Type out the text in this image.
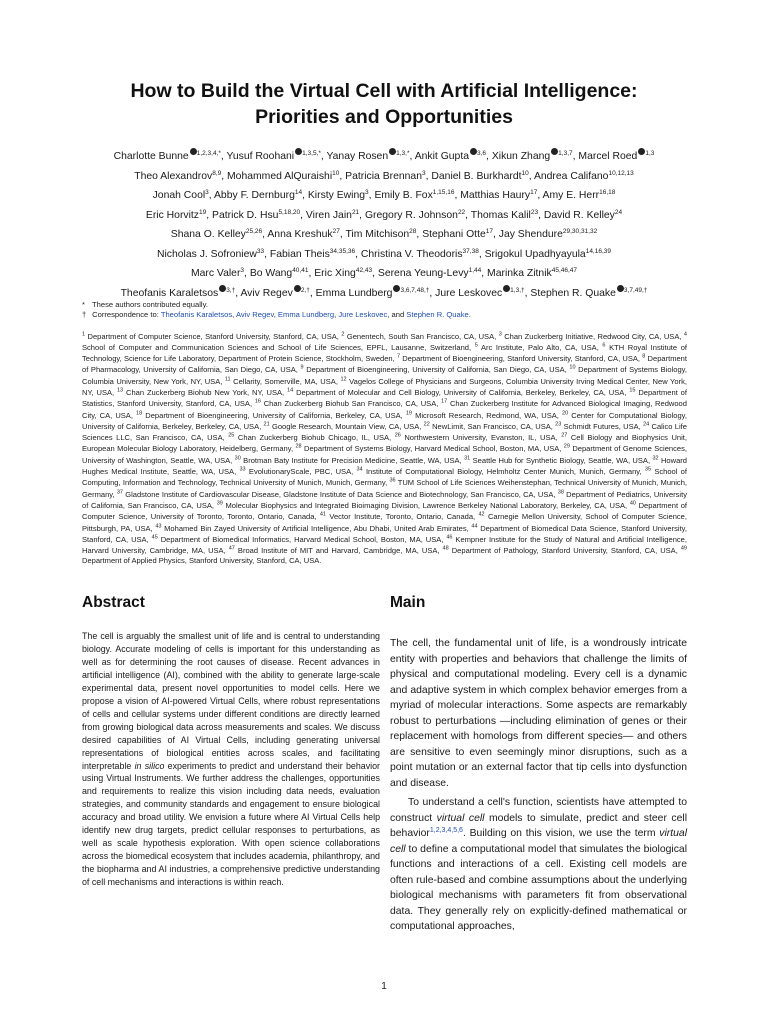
How to Build the Virtual Cell with Artificial Intelligence:
Priorities and Opportunities
Charlotte Bunne $^{1,2,3,4,*}$, Yusuf Roohani $^{1,3,5,*}$, Yanay Rosen $^{1,3,*}$, Ankit Gupta $^{3,6}$, Xikun Zhang $^{1,3,7}$, Marcel Roed $^{1,3}$
Theo Alexandrov$^{8,9}$, Mohammed AlQuraishi$^{10}$, Patricia Brennan$^3$, Daniel B. Burkhardt$^{10}$, Andrea Califano$^{10,12,13}$
Jonah Cool$^3$, Abby F. Dernburg$^{14}$, Kirsty Ewing$^3$, Emily B. Fox$^{1,15,16}$, Matthias Haury$^{17}$, Amy E. Herr$^{16,18}$
Eric Horvitz$^{19}$, Patrick D. Hsu$^{5,18,20}$, Viren Jain$^{21}$, Gregory R. Johnson$^{22}$, Thomas Kalil$^{23}$, David R. Kelley$^{24}$
Shana O. Kelley$^{25,26}$, Anna Kreshuk$^{27}$, Tim Mitchison$^{28}$, Stephani Otte$^{17}$, Jay Shendure$^{29,30,31,32}$
Nicholas J. Sofroniew$^{33}$, Fabian Theis$^{34,35,36}$, Christina V. Theodoris$^{37,38}$, Srigokul Upadhyayula$^{14,16,39}$
Marc Valer$^3$, Bo Wang$^{40,41}$, Eric Xing$^{42,43}$, Serena Yeung-Levy$^{1,44}$, Marinka Zitnik$^{45,46,47}$
Theofanis Karaletsos $^{3,\dagger}$, Aviv Regev $^{2,\dagger}$, Emma Lundberg $^{3,6,7,48,\dagger}$, Jure Leskovec $^{1,3,\dagger}$, Stephen R. Quake $^{3,7,49,\dagger}$
* These authors contributed equally.
† Correspondence to: Theofanis Karaletsos, Aviv Regev, Emma Lundberg, Jure Leskovec, and Stephen R. Quake.
$^1$ Department of Computer Science, Stanford University, Stanford, CA, USA, $^2$ Genentech, South San Francisco, CA, USA, $^3$ Chan Zuckerberg Initiative, Redwood City, CA, USA, $^4$ School of Computer and Communication Sciences and School of Life Sciences, EPFL, Lausanne, Switzerland, $^5$ Arc Institute, Palo Alto, CA, USA, $^6$ KTH Royal Institute of Technology, Science for Life Laboratory, Department of Protein Science, Stockholm, Sweden, $^7$ Department of Bioengineering, Stanford University, Stanford, CA, USA, $^8$ Department of Pharmacology, University of California, San Diego, CA, USA, $^9$ Department of Bioengineering, University of California, San Diego, CA, USA, $^{10}$ Department of Systems Biology, Columbia University, New York, NY, USA, $^{11}$ Cellarity, Somerville, MA, USA, $^{12}$ Vagelos College of Physicians and Surgeons, Columbia University Irving Medical Center, New York, NY, USA, $^{13}$ Chan Zuckerberg Biohub New York, NY, USA, $^{14}$ Department of Molecular and Cell Biology, University of California, Berkeley, Berkeley, CA, USA, $^{15}$ Department of Statistics, Stanford University, Stanford, CA, USA, $^{16}$ Chan Zuckerberg Biohub San Francisco, CA, USA, $^{17}$ Chan Zuckerberg Institute for Advanced Biological Imaging, Redwood City, CA, USA, $^{18}$ Department of Bioengineering, University of California, Berkeley, CA, USA, $^{19}$ Microsoft Research, Redmond, WA, USA, $^{20}$ Center for Computational Biology, University of California, Berkeley, Berkeley, CA, USA, $^{21}$ Google Research, Mountain View, CA, USA, $^{22}$ NewLimit, San Francisco, CA, USA, $^{23}$ Schmidt Futures, USA, $^{24}$ Calico Life Sciences LLC, San Francisco, CA, USA, $^{25}$ Chan Zuckerberg Biohub Chicago, IL, USA, $^{26}$ Northwestern University, Evanston, IL, USA, $^{27}$ Cell Biology and Biophysics Unit, European Molecular Biology Laboratory, Heidelberg, Germany, $^{28}$ Department of Systems Biology, Harvard Medical School, Boston, MA, USA, $^{29}$ Department of Genome Sciences, University of Washington, Seattle, WA, USA, $^{30}$ Brotman Baty Institute for Precision Medicine, Seattle, WA, USA, $^{31}$ Seattle Hub for Synthetic Biology, Seattle, WA, USA, $^{32}$ Howard Hughes Medical Institute, Seattle, WA, USA, $^{33}$ EvolutionaryScale, PBC, USA, $^{34}$ Institute of Computational Biology, Helmholtz Center Munich, Munich, Germany, $^{35}$ School of Computing, Information and Technology, Technical University of Munich, Munich, Germany, $^{36}$ TUM School of Life Sciences Weihenstephan, Technical University of Munich, Munich, Germany, $^{37}$ Gladstone Institute of Cardiovascular Disease, Gladstone Institute of Data Science and Biotechnology, San Francisco, CA, USA, $^{38}$ Department of Pediatrics, University of California, San Francisco, CA, USA, $^{39}$ Molecular Biophysics and Integrated Bioimaging Division, Lawrence Berkeley National Laboratory, Berkeley, CA, USA, $^{40}$ Department of Computer Science, University of Toronto, Toronto, Ontario, Canada, $^{41}$ Vector Institute, Toronto, Ontario, Canada, $^{42}$ Carnegie Mellon University, School of Computer Science, Pittsburgh, PA, USA, $^{43}$ Mohamed Bin Zayed University of Artificial Intelligence, Abu Dhabi, United Arab Emirates, $^{44}$ Department of Biomedical Data Science, Stanford University, Stanford, CA, USA, $^{45}$ Department of Biomedical Informatics, Harvard Medical School, Boston, MA, USA, $^{46}$ Kempner Institute for the Study of Natural and Artificial Intelligence, Harvard University, Cambridge, MA, USA, $^{47}$ Broad Institute of MIT and Harvard, Cambridge, MA, USA, $^{48}$ Department of Pathology, Stanford University, Stanford, CA, USA, $^{49}$ Department of Applied Physics, Stanford University, Stanford, CA, USA.
Abstract
The cell is arguably the smallest unit of life and is central to understanding biology. Accurate modeling of cells is important for this understanding as well as for determining the root causes of disease. Recent advances in artificial intelligence (AI), combined with the ability to generate large-scale experimental data, present novel opportunities to model cells. Here we propose a vision of AI-powered Virtual Cells, where robust representations of cells and cellular systems under different conditions are directly learned from growing biological data across measurements and scales. We discuss desired capabilities of AI Virtual Cells, including generating universal representations of biological entities across scales, and facilitating interpretable in silico experiments to predict and understand their behavior using Virtual Instruments. We further address the challenges, opportunities and requirements to realize this vision including data needs, evaluation strategies, and community standards and engagement to ensure biological accuracy and broad utility. We envision a future where AI Virtual Cells help identify new drug targets, predict cellular responses to perturbations, as well as scale hypothesis exploration. With open science collaborations across the biomedical ecosystem that includes academia, philanthropy, and the biopharma and AI industries, a comprehensive predictive understanding of cell mechanisms and interactions is within reach.
Main

The cell, the fundamental unit of life, is a wondrously intricate entity with properties and behaviors that challenge the limits of physical and computational modeling. Every cell is a dynamic and adaptive system in which complex behavior emerges from a myriad of molecular interactions. Some aspects are remarkably robust to perturbations —including elimination of genes or their replacement with homologs from different species— and others are sensitive to even seemingly minor disruptions, such as a point mutation or an external factor that tip cells into dysfunction and disease.

To understand a cell's function, scientists have attempted to construct virtual cell models to simulate, predict and steer cell behavior$^{1,2,3,4,5,6}$. Building on this vision, we use the term virtual cell to define a computational model that simulates the biological functions and interactions of a cell. Existing cell models are often rule-based and combine assumptions about the underlying biological mechanisms with parameters fit from observational data. They generally rely on explicitly-defined mathematical or computational approaches,

1
